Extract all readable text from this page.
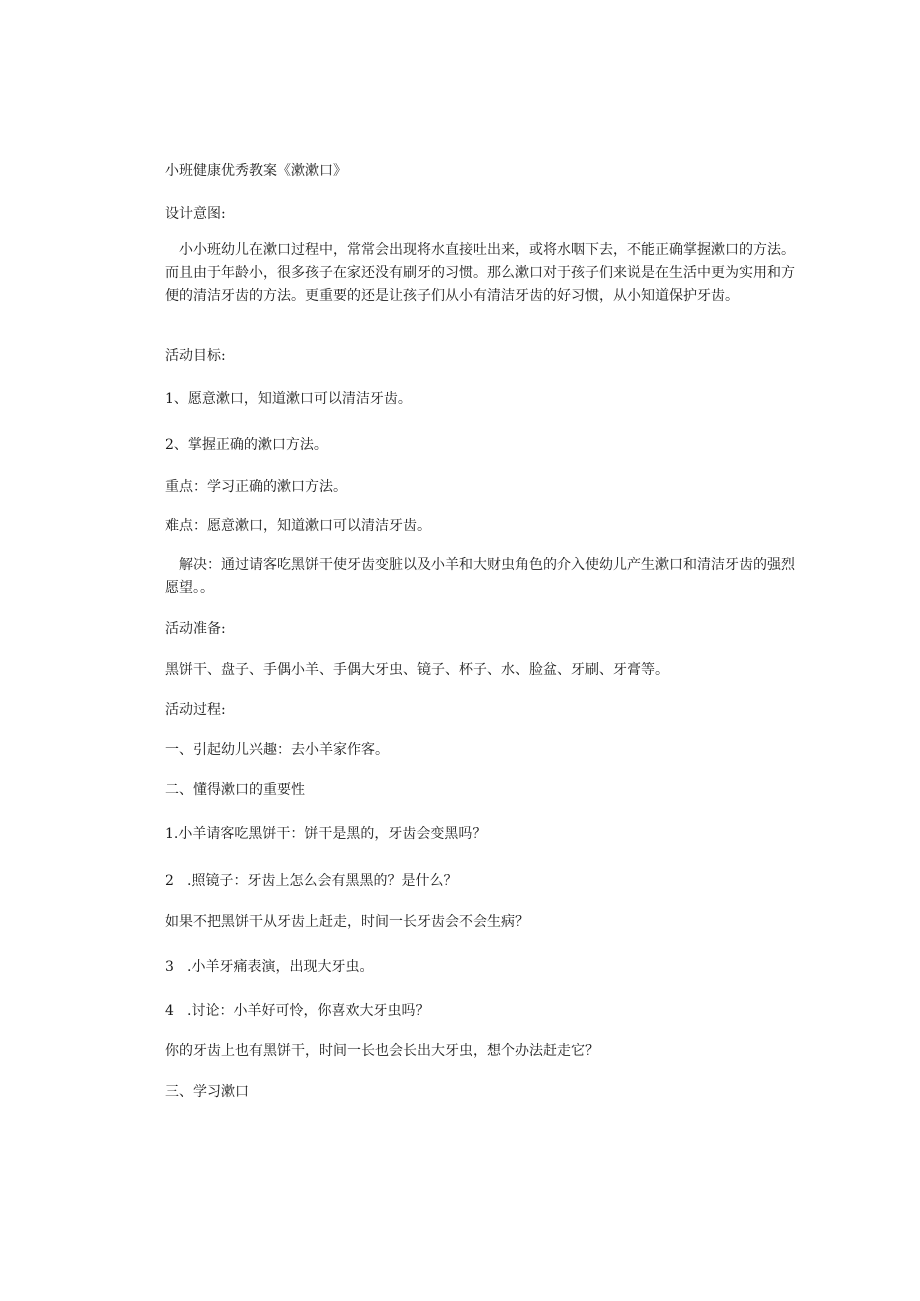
小班健康优秀教案《漱漱口》
设计意图:
小小班幼儿在漱口过程中，常常会出现将水直接吐出来，或将水咽下去，不能正确掌握漱口的方法。而且由于年龄小，很多孩子在家还没有刷牙的习惯。那么漱口对于孩子们来说是在生活中更为实用和方便的清洁牙齿的方法。更重要的还是让孩子们从小有清洁牙齿的好习惯，从小知道保护牙齿。
活动目标:
1、愿意漱口，知道漱口可以清洁牙齿。
2、掌握正确的漱口方法。
重点：学习正确的漱口方法。
难点：愿意漱口，知道漱口可以清洁牙齿。
解决：通过请客吃黑饼干使牙齿变脏以及小羊和大财虫角色的介入使幼儿产生漱口和清洁牙齿的强烈愿望。。
活动准备:
黑饼干、盘子、手偶小羊、手偶大牙虫、镜子、杯子、水、脸盆、牙刷、牙膏等。
活动过程:
一、引起幼儿兴趣：去小羊家作客。
二、懂得漱口的重要性
1.小羊请客吃黑饼干：饼干是黑的，牙齿会变黑吗？
2 .照镜子：牙齿上怎么会有黑黑的？是什么？
如果不把黑饼干从牙齿上赶走，时间一长牙齿会不会生病？
3 .小羊牙痛表演，出现大牙虫。
4 .讨论：小羊好可怜，你喜欢大牙虫吗？
你的牙齿上也有黑饼干，时间一长也会长出大牙虫，想个办法赶走它？
三、学习漱口
